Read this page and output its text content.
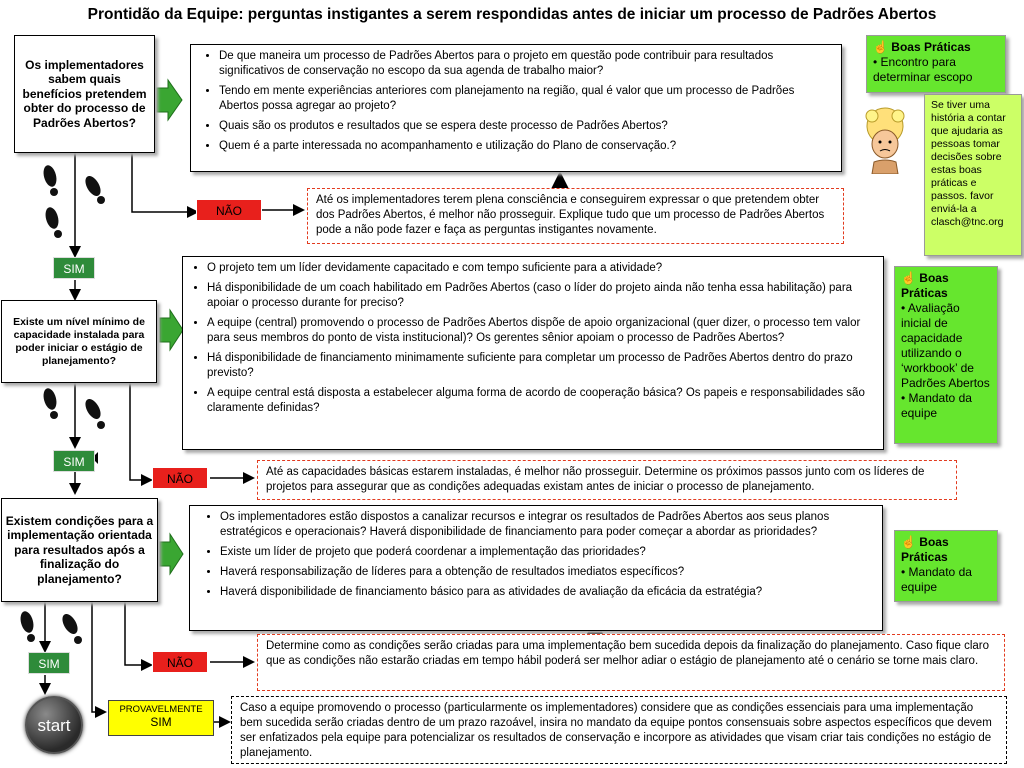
Prontidão da Equipe: perguntas instigantes a serem respondidas antes de iniciar um processo de Padrões Abertos
Os implementadores sabem quais benefícios pretendem obter do processo de Padrões Abertos?
• De que maneira um processo de Padrões Abertos para o projeto em questão pode contribuir para resultados significativos de conservação no escopo da sua agenda de trabalho maior?
• Tendo em mente experiências anteriores com planejamento na região, qual é valor que um processo de Padrões Abertos possa agregar ao projeto?
• Quais são os produtos e resultados que se espera deste processo de Padrões Abertos?
• Quem é a parte interessada no acompanhamento e utilização do Plano de conservação.?
☝ Boas Práticas
• Encontro para determinar escopo
Se tiver uma história a contar que ajudaria as pessoas tomar decisões sobre estas boas práticas e passos. favor enviá-la a clasch@tnc.org
NÃO
Até os implementadores terem plena consciência e conseguirem expressar o que pretendem obter dos Padrões Abertos, é melhor não prosseguir. Explique tudo que um processo de Padrões Abertos pode a não pode fazer e faça as perguntas instigantes novamente.
SIM
Existe um nível mínimo de capacidade instalada para poder iniciar o estágio de planejamento?
• O projeto tem um líder devidamente capacitado e com tempo suficiente para a atividade?
• Há disponibilidade de um coach habilitado em Padrões Abertos (caso o líder do projeto ainda não tenha essa habilitação) para apoiar o processo durante for preciso?
• A equipe (central) promovendo o processo de Padrões Abertos dispõe de apoio organizacional (quer dizer, o processo tem valor para seus membros do ponto de vista institucional)? Os gerentes sênior apoiam o processo de Padrões Abertos?
• Há disponibilidade de financiamento minimamente suficiente para completar um processo de Padrões Abertos dentro do prazo previsto?
• A equipe central está disposta a estabelecer alguma forma de acordo de cooperação básica? Os papeis e responsabilidades são claramente definidas?
☝ Boas Práticas
• Avaliação inicial de capacidade utilizando o ‘workbook’ de Padrões Abertos
• Mandato da equipe
SIM
NÃO	Até as capacidades básicas estarem instaladas, é melhor não prosseguir. Determine os próximos passos junto com os líderes de projetos para assegurar que as condições adequadas existam antes de iniciar o processo de planejamento.
Existem condições para a implementação orientada para resultados após a finalização do planejamento?
• Os implementadores estão dispostos a canalizar recursos e integrar os resultados de Padrões Abertos aos seus planos estratégicos e operacionais? Haverá disponibilidade de financiamento para poder começar a abordar as prioridades?
• Existe um líder de projeto que poderá coordenar a implementação das prioridades?
• Haverá responsabilização de líderes para a obtenção de resultados imediatos específicos?
• Haverá disponibilidade de financiamento básico para as atividades de avaliação da eficácia da estratégia?
☝ Boas Práticas
• Mandato da equipe
SIM	NÃO
Determine como as condições serão criadas para uma implementação bem sucedida depois da finalização do planejamento. Caso fique claro que as condições não estarão criadas em tempo hábil poderá ser melhor adiar o estágio de planejamento até o cenário se torne mais claro.
PROVAVELMENTE
SIM
Caso a equipe promovendo o processo (particularmente os implementadores) considere que as condições essenciais para uma implementação bem sucedida serão criadas dentro de um prazo razoável, insira no mandato da equipe pontos consensuais sobre aspectos específicos que devem ser enfatizados pela equipe para potencializar os resultados de conservação e incorpore as atividades que visam criar tais condições no estágio de planejamento.
start
